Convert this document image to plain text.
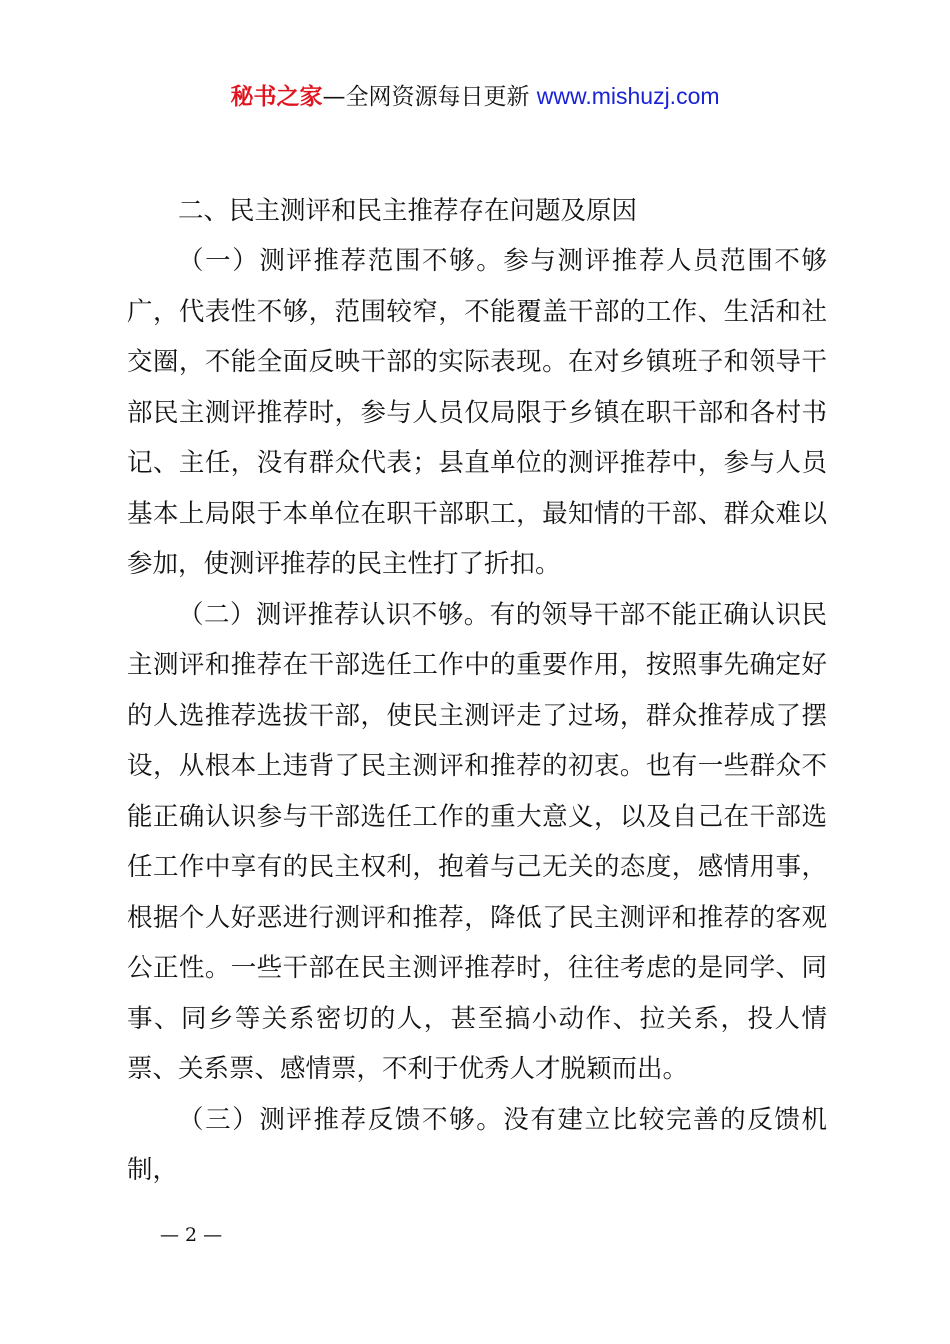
秘书之家—全网资源每日更新 www.mishuzj.com

二、民主测评和民主推荐存在问题及原因

（一）测评推荐范围不够。参与测评推荐人员范围不够广，代表性不够，范围较窄，不能覆盖干部的工作、生活和社交圈，不能全面反映干部的实际表现。在对乡镇班子和领导干部民主测评推荐时，参与人员仅局限于乡镇在职干部和各村书记、主任，没有群众代表；县直单位的测评推荐中，参与人员基本上局限于本单位在职干部职工，最知情的干部、群众难以参加，使测评推荐的民主性打了折扣。

（二）测评推荐认识不够。有的领导干部不能正确认识民主测评和推荐在干部选任工作中的重要作用，按照事先确定好的人选推荐选拔干部，使民主测评走了过场，群众推荐成了摆设，从根本上违背了民主测评和推荐的初衷。也有一些群众不能正确认识参与干部选任工作的重大意义，以及自己在干部选任工作中享有的民主权利，抱着与己无关的态度，感情用事，根据个人好恶进行测评和推荐，降低了民主测评和推荐的客观公正性。一些干部在民主测评推荐时，往往考虑的是同学、同事、同乡等关系密切的人，甚至搞小动作、拉关系，投人情票、关系票、感情票，不利于优秀人才脱颖而出。

（三）测评推荐反馈不够。没有建立比较完善的反馈机制，

— 2 —
